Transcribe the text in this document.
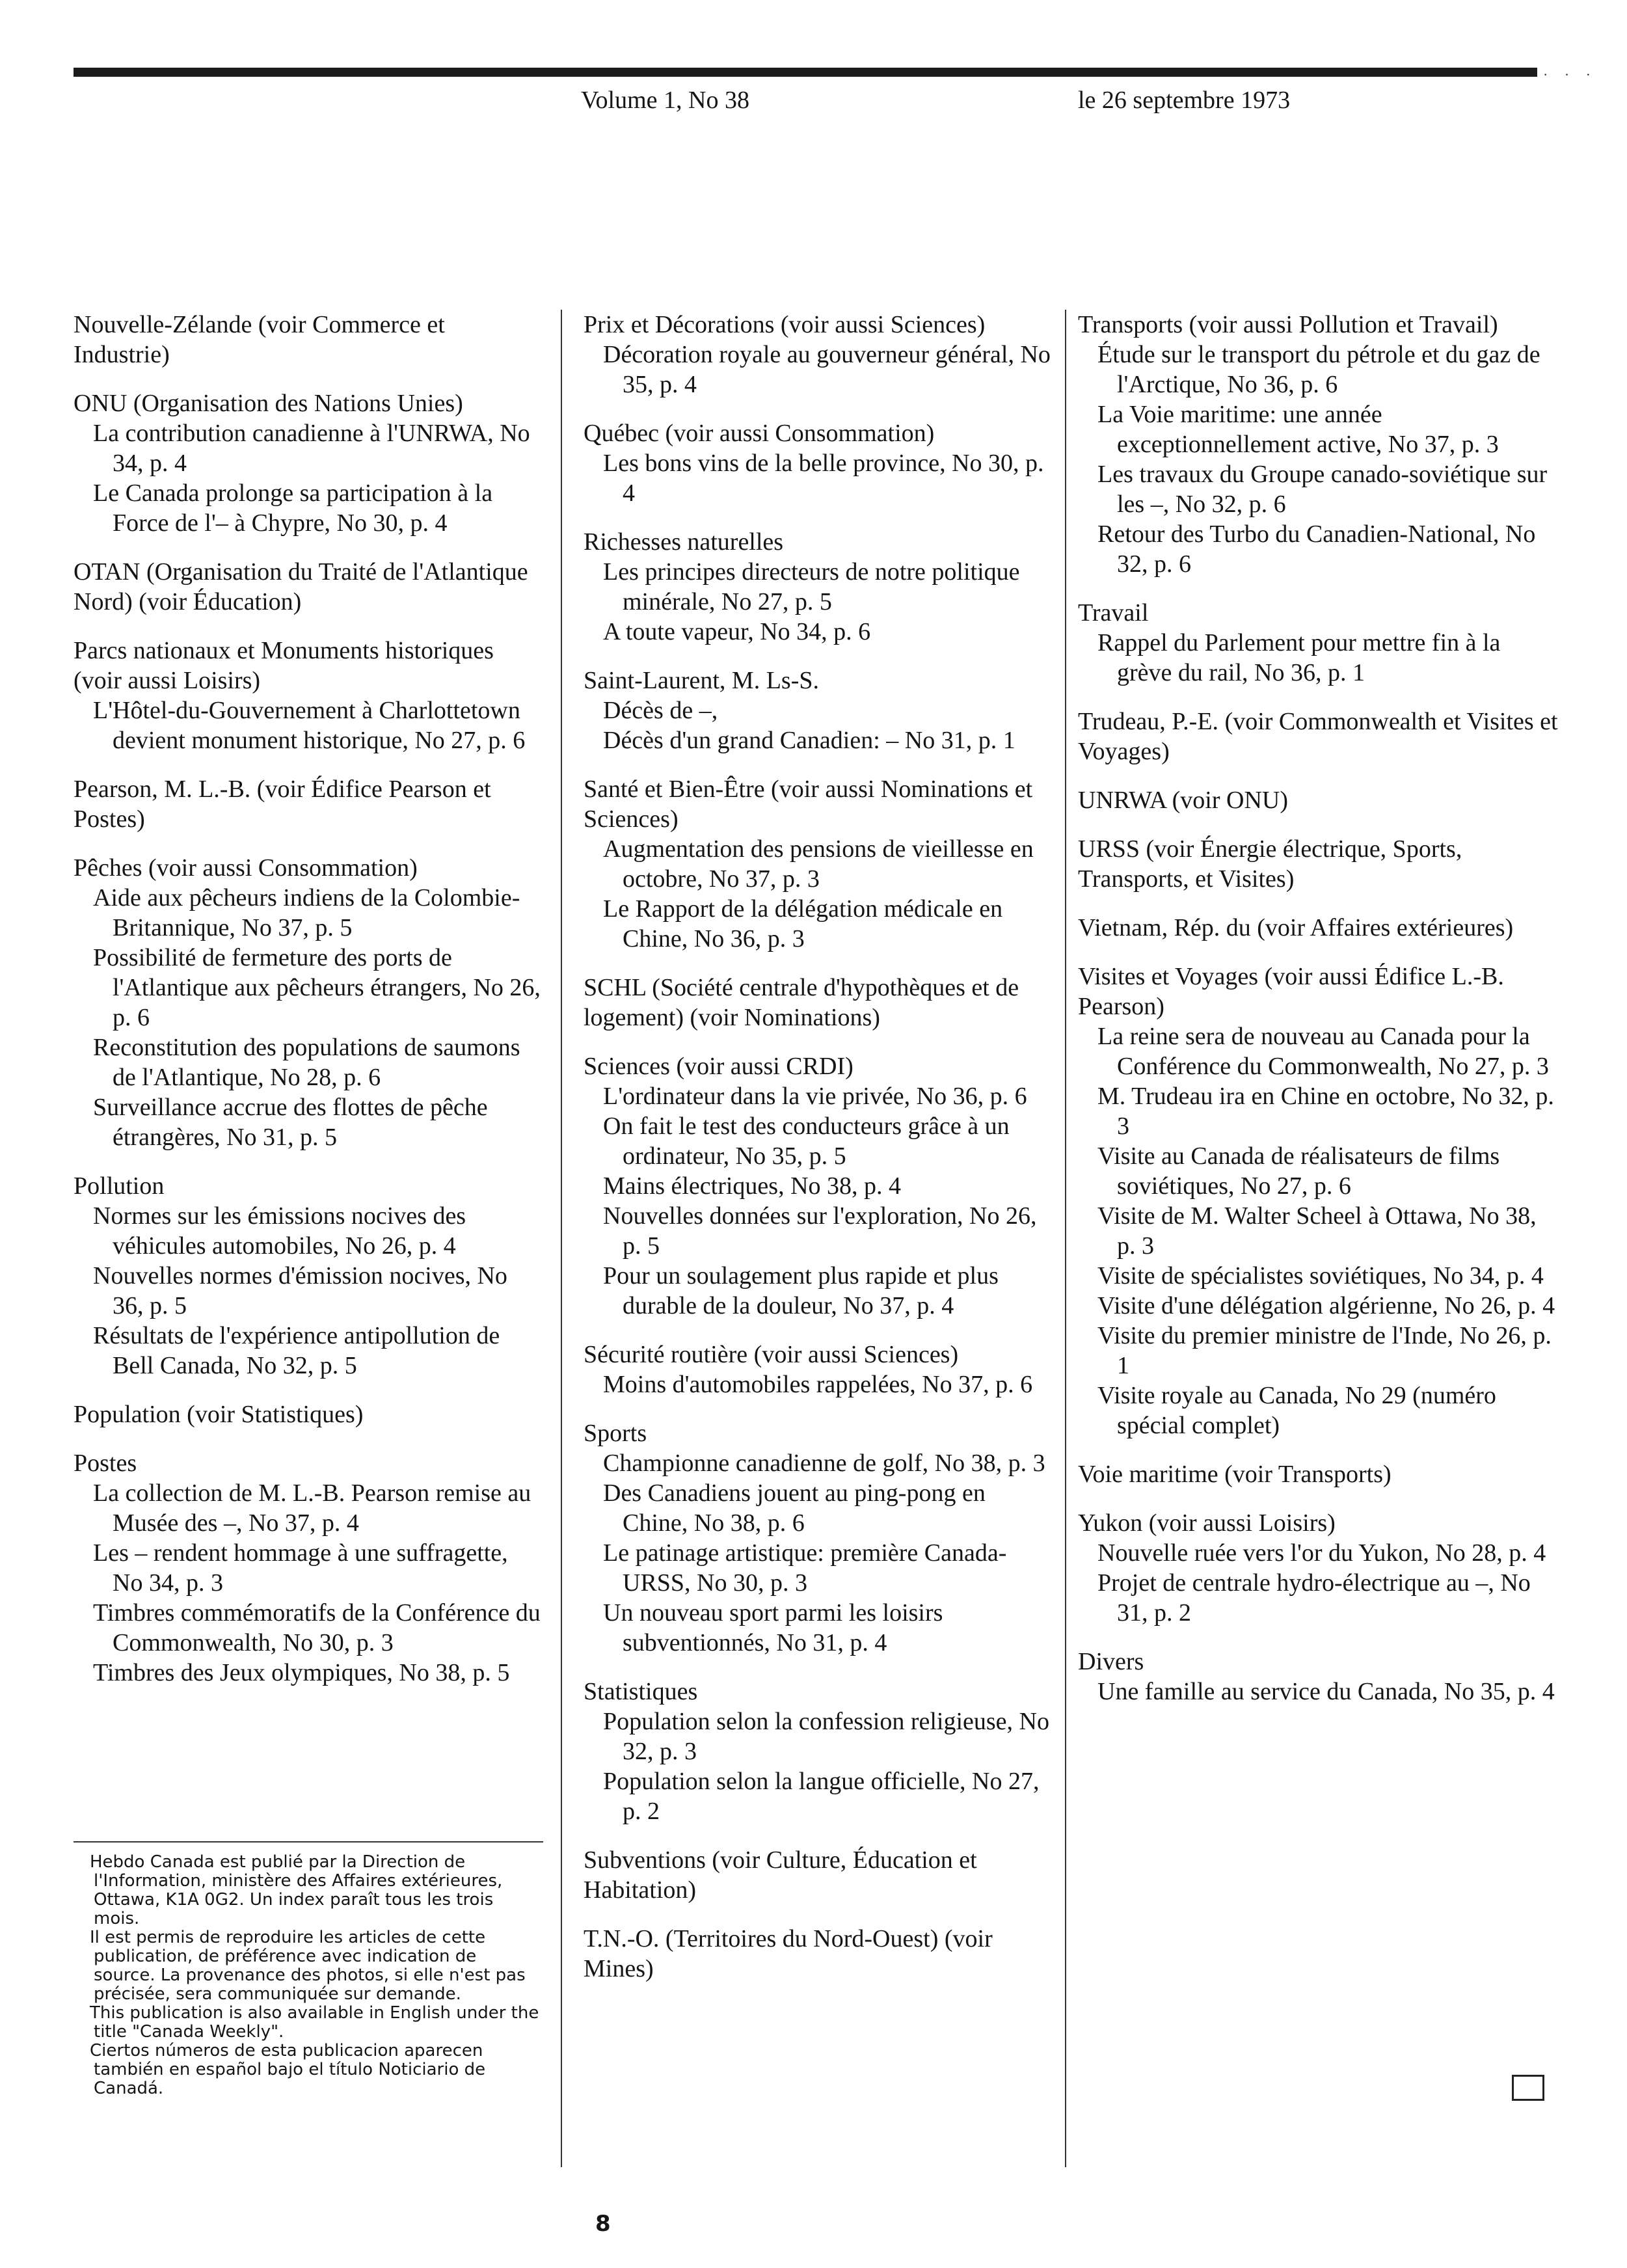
· · ·
Volume 1, No 38	le 26 septembre 1973
Nouvelle-Zélande (voir Commerce et Industrie)
ONU (Organisation des Nations Unies)
La contribution canadienne à l'UNRWA, No 34, p. 4
Le Canada prolonge sa participation à la Force de l'– à Chypre, No 30, p. 4
OTAN (Organisation du Traité de l'Atlantique Nord) (voir Éducation)
Parcs nationaux et Monuments historiques (voir aussi Loisirs)
L'Hôtel-du-Gouvernement à Charlottetown devient monument historique, No 27, p. 6
Pearson, M. L.-B. (voir Édifice Pearson et Postes)
Pêches (voir aussi Consommation)
Aide aux pêcheurs indiens de la Colombie-Britannique, No 37, p. 5
Possibilité de fermeture des ports de l'Atlantique aux pêcheurs étrangers, No 26, p. 6
Reconstitution des populations de saumons de l'Atlantique, No 28, p. 6
Surveillance accrue des flottes de pêche étrangères, No 31, p. 5
Pollution
Normes sur les émissions nocives des véhicules automobiles, No 26, p. 4
Nouvelles normes d'émission nocives, No 36, p. 5
Résultats de l'expérience antipollution de Bell Canada, No 32, p. 5
Population (voir Statistiques)
Postes
La collection de M. L.-B. Pearson remise au Musée des –, No 37, p. 4
Les – rendent hommage à une suffragette, No 34, p. 3
Timbres commémoratifs de la Conférence du Commonwealth, No 30, p. 3
Timbres des Jeux olympiques, No 38, p. 5
Prix et Décorations (voir aussi Sciences)
Décoration royale au gouverneur général, No 35, p. 4
Québec (voir aussi Consommation)
Les bons vins de la belle province, No 30, p. 4
Richesses naturelles
Les principes directeurs de notre politique minérale, No 27, p. 5
A toute vapeur, No 34, p. 6
Saint-Laurent, M. Ls-S.
Décès de –,
Décès d'un grand Canadien: – No 31, p. 1
Santé et Bien-Être (voir aussi Nominations et Sciences)
Augmentation des pensions de vieillesse en octobre, No 37, p. 3
Le Rapport de la délégation médicale en Chine, No 36, p. 3
SCHL (Société centrale d'hypothèques et de logement) (voir Nominations)
Sciences (voir aussi CRDI)
L'ordinateur dans la vie privée, No 36, p. 6
On fait le test des conducteurs grâce à un ordinateur, No 35, p. 5
Mains électriques, No 38, p. 4
Nouvelles données sur l'exploration, No 26, p. 5
Pour un soulagement plus rapide et plus durable de la douleur, No 37, p. 4
Sécurité routière (voir aussi Sciences)
Moins d'automobiles rappelées, No 37, p. 6
Sports
Championne canadienne de golf, No 38, p. 3
Des Canadiens jouent au ping-pong en Chine, No 38, p. 6
Le patinage artistique: première Canada-URSS, No 30, p. 3
Un nouveau sport parmi les loisirs subventionnés, No 31, p. 4
Statistiques
Population selon la confession religieuse, No 32, p. 3
Population selon la langue officielle, No 27, p. 2
Subventions (voir Culture, Éducation et Habitation)
T.N.-O. (Territoires du Nord-Ouest) (voir Mines)
Transports (voir aussi Pollution et Travail)
Étude sur le transport du pétrole et du gaz de l'Arctique, No 36, p. 6
La Voie maritime: une année exceptionnellement active, No 37, p. 3
Les travaux du Groupe canado-soviétique sur les –, No 32, p. 6
Retour des Turbo du Canadien-National, No 32, p. 6
Travail
Rappel du Parlement pour mettre fin à la grève du rail, No 36, p. 1
Trudeau, P.-E. (voir Commonwealth et Visites et Voyages)
UNRWA (voir ONU)
URSS (voir Énergie électrique, Sports, Transports, et Visites)
Vietnam, Rép. du (voir Affaires extérieures)
Visites et Voyages (voir aussi Édifice L.-B. Pearson)
La reine sera de nouveau au Canada pour la Conférence du Commonwealth, No 27, p. 3
M. Trudeau ira en Chine en octobre, No 32, p. 3
Visite au Canada de réalisateurs de films soviétiques, No 27, p. 6
Visite de M. Walter Scheel à Ottawa, No 38, p. 3
Visite de spécialistes soviétiques, No 34, p. 4
Visite d'une délégation algérienne, No 26, p. 4
Visite du premier ministre de l'Inde, No 26, p. 1
Visite royale au Canada, No 29 (numéro spécial complet)
Voie maritime (voir Transports)
Yukon (voir aussi Loisirs)
Nouvelle ruée vers l'or du Yukon, No 28, p. 4
Projet de centrale hydro-électrique au –, No 31, p. 2
Divers
Une famille au service du Canada, No 35, p. 4
Hebdo Canada est publié par la Direction de l'Information, ministère des Affaires extérieures, Ottawa, K1A 0G2. Un index paraît tous les trois mois.
Il est permis de reproduire les articles de cette publication, de préférence avec indication de source. La provenance des photos, si elle n'est pas précisée, sera communiquée sur demande.
This publication is also available in English under the title "Canada Weekly".
Ciertos números de esta publicacion aparecen también en español bajo el título Noticiario de Canadá.
8
